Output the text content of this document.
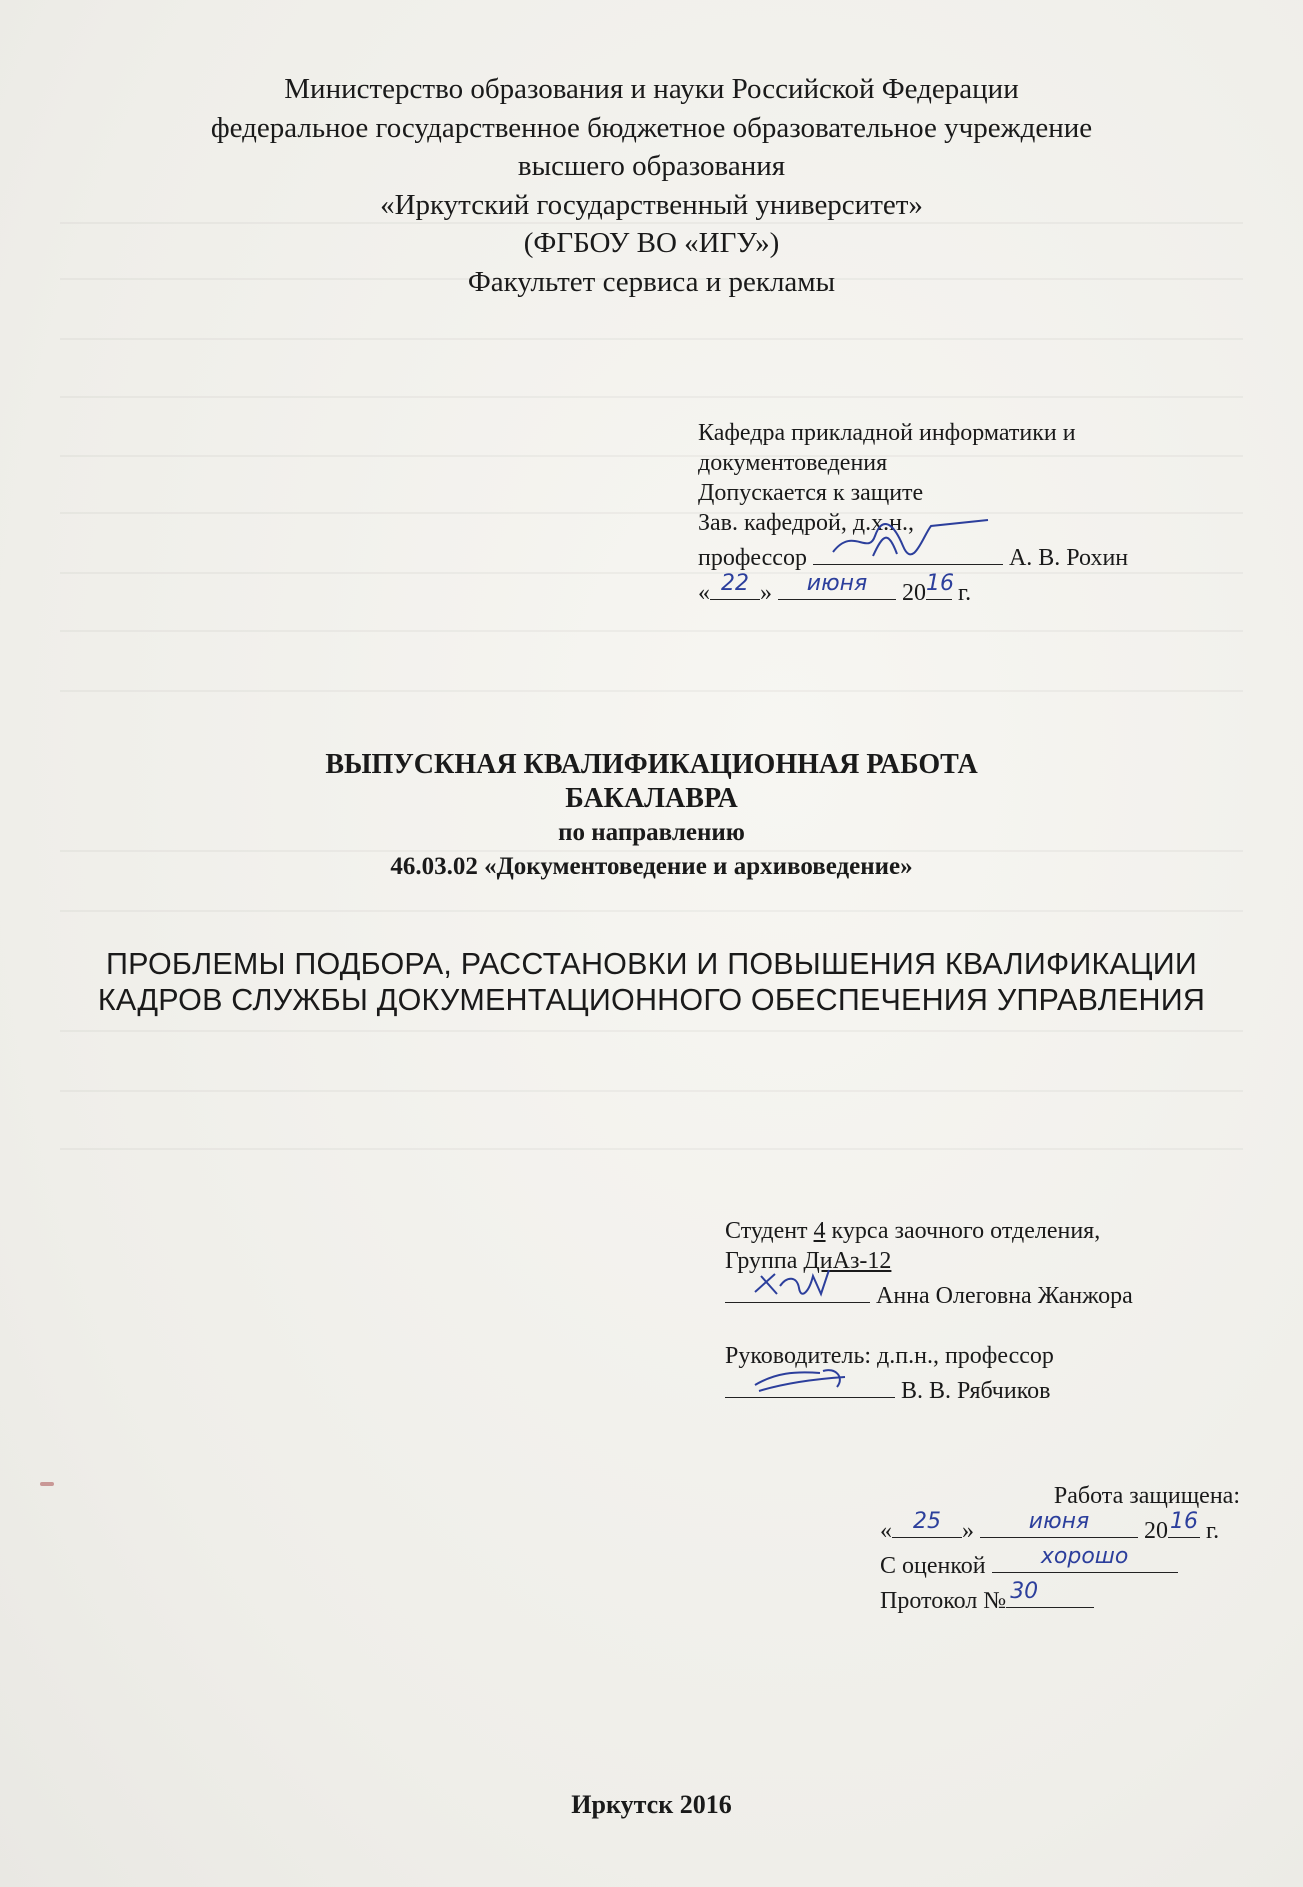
Министерство образования и науки Российской Федерации
федеральное государственное бюджетное образовательное учреждение
высшего образования
«Иркутский государственный университет»
(ФГБОУ ВО «ИГУ»)
Факультет сервиса и рекламы
Кафедра прикладной информатики и
документоведения
Допускается к защите
Зав. кафедрой, д.х.н.,
профессор	А. В. Рохин
« 22 »	июня	20 16 г.
ВЫПУСКНАЯ КВАЛИФИКАЦИОННАЯ РАБОТА
БАКАЛАВРА
по направлению
46.03.02 «Документоведение и архивоведение»
ПРОБЛЕМЫ ПОДБОРА, РАССТАНОВКИ И ПОВЫШЕНИЯ КВАЛИФИКАЦИИ
КАДРОВ СЛУЖБЫ ДОКУМЕНТАЦИОННОГО ОБЕСПЕЧЕНИЯ УПРАВЛЕНИЯ
Студент 4 курса заочного отделения,
Группа ДиАз-12
Анна Олеговна Жанжора
Руководитель: д.п.н., профессор
В. В. Рябчиков
Работа защищена:
« 25 »	июня	20 16 г.
С оценкой	хорошо
Протокол № 30
Иркутск 2016
